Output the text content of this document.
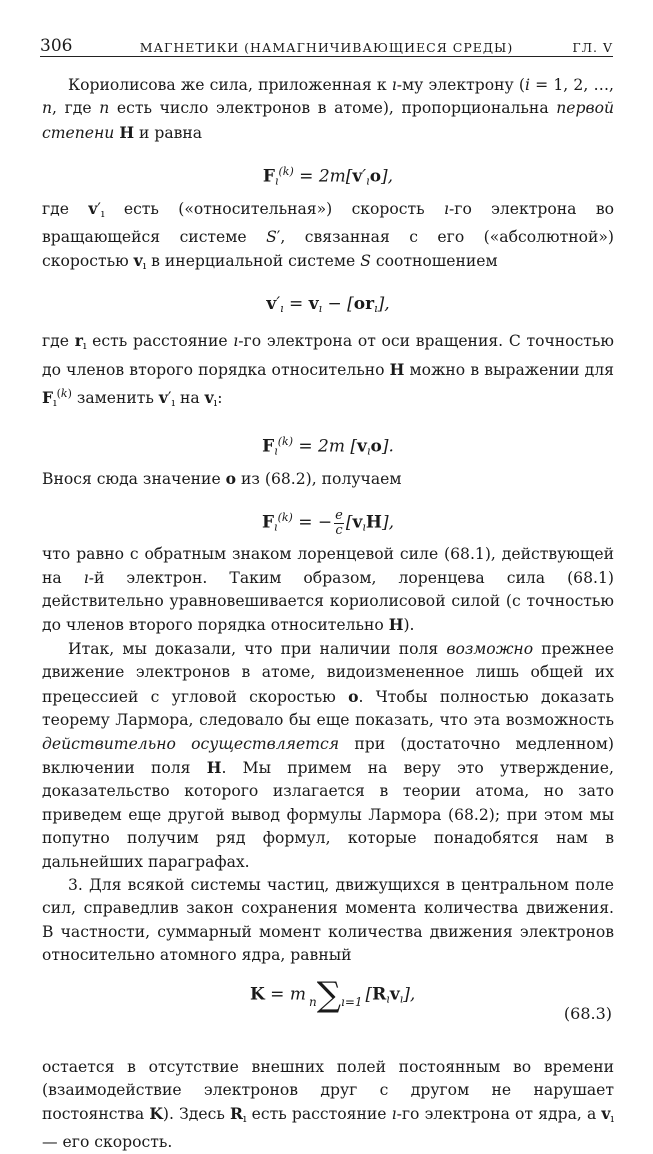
306	МАГНЕТИКИ (НАМАГНИЧИВАЮЩИЕСЯ СРЕДЫ)	ГЛ. V

Кориолисова же сила, приложенная к ı-му электрону (i = 1, 2, …, n, где n есть число электронов в атоме), пропорциональна первой степени H и равна

$F_ı^{(k)} = 2m[v'_ıo]$,

где $v'_ı$ есть («относительная») скорость ı-го электрона во вращающейся системе S′, связанная с его («абсолютной») скоростью $v_ı$ в инерциальной системе S соотношением

$v'_ı = v_ı - [or_ı]$,

где $r_ı$ есть расстояние ı-го электрона от оси вращения. С точностью до членов второго порядка относительно H можно в выражении для $F_ı^{(k)}$ заменить $v'_ı$ на $v_ı$:

$F_ı^{(k)} = 2m$ $[v_ıo]$.

Внося сюда значение o из (68.2), получаем

$F_ı^{(k)}$ = − $\frac{e}{c} [v_ıH]$,

что равно с обратным знаком лоренцевой силе (68.1), действующей на ı-й электрон. Таким образом, лоренцева сила (68.1) действительно уравновешивается кориолисовой силой (с точностью до членов второго порядка относительно H).

Итак, мы доказали, что при наличии поля возможно прежнее движение электронов в атоме, видоизмененное лишь общей их прецессией с угловой скоростью o. Чтобы полностью доказать теорему Лармора, следовало бы еще показать, что эта возможность действительно осуществляется при (достаточно медленном) включении поля H. Мы примем на веру это утверждение, доказательство которого излагается в теории атома, но зато приведем еще другой вывод формулы Лармора (68.2); при этом мы попутно получим ряд формул, которые понадобятся нам в дальнейших параграфах.

3. Для всякой системы частиц, движущихся в центральном поле сил, справедлив закон сохранения момента количества движения. В частности, суммарный момент количества движения электронов относительно атомного ядра, равный

K = m n∑ı=1 $[R_ıv_ı]$,
(68.3)

остается в отсутствие внешних полей постоянным во времени (взаимодействие электронов друг с другом не нарушает постоянства K). Здесь $R_ı$ есть расстояние ı-го электрона от ядра, а $v_ı$ — его скорость.
